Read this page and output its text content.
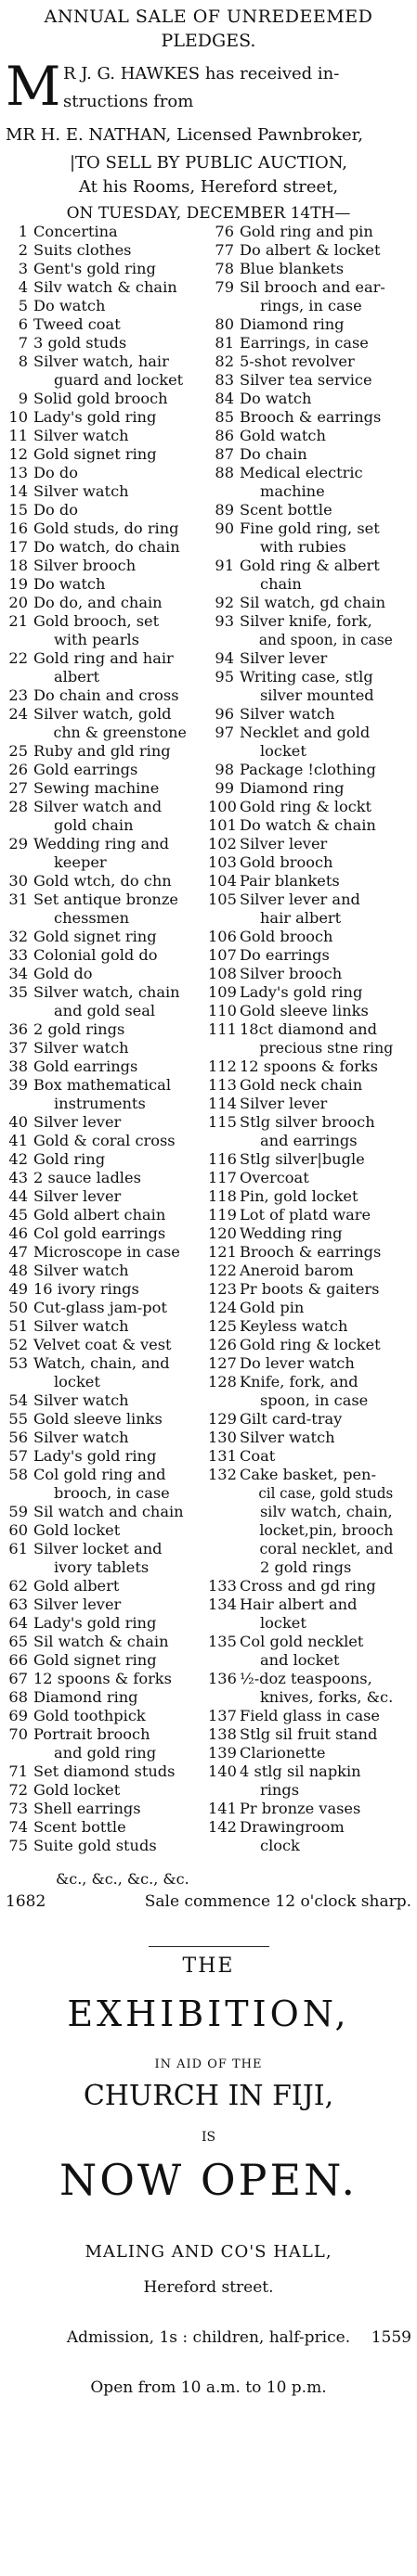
ANNUAL SALE OF UNREDEEMED
PLEDGES.
M R J. G. HAWKES has received in-
structions from
MR H. E. NATHAN, Licensed Pawnbroker,
|TO SELL BY PUBLIC AUCTION,
At his Rooms, Hereford street,
ON TUESDAY, DECEMBER 14TH—
1 Concertina
2 Suits clothes
3 Gent's gold ring
4 Silv watch & chain
5 Do watch
6 Tweed coat
7 3 gold studs
8 Silver watch, hair
guard and locket
9 Solid gold brooch
10 Lady's gold ring
11 Silver watch
12 Gold signet ring
13 Do do
14 Silver watch
15 Do do
16 Gold studs, do ring
17 Do watch, do chain
18 Silver brooch
19 Do watch
20 Do do, and chain
21 Gold brooch, set
with pearls
22 Gold ring and hair
albert
23 Do chain and cross
24 Silver watch, gold
chn & greenstone
25 Ruby and gld ring
26 Gold earrings
27 Sewing machine
28 Silver watch and
gold chain
29 Wedding ring and
keeper
30 Gold wtch, do chn
31 Set antique bronze
chessmen
32 Gold signet ring
33 Colonial gold do
34 Gold do
35 Silver watch, chain
and gold seal
36 2 gold rings
37 Silver watch
38 Gold earrings
39 Box mathematical
instruments
40 Silver lever
41 Gold & coral cross
42 Gold ring
43 2 sauce ladles
44 Silver lever
45 Gold albert chain
46 Col gold earrings
47 Microscope in case
48 Silver watch
49 16 ivory rings
50 Cut-glass jam-pot
51 Silver watch
52 Velvet coat & vest
53 Watch, chain, and
locket
54 Silver watch
55 Gold sleeve links
56 Silver watch
57 Lady's gold ring
58 Col gold ring and
brooch, in case
59 Sil watch and chain
60 Gold locket
61 Silver locket and
ivory tablets
62 Gold albert
63 Silver lever
64 Lady's gold ring
65 Sil watch & chain
66 Gold signet ring
67 12 spoons & forks
68 Diamond ring
69 Gold toothpick
70 Portrait brooch
and gold ring
71 Set diamond studs
72 Gold locket
73 Shell earrings
74 Scent bottle
75 Suite gold studs
76 Gold ring and pin
77 Do albert & locket
78 Blue blankets
79 Sil brooch and ear-
rings, in case
80 Diamond ring
81 Earrings, in case
82 5-shot revolver
83 Silver tea service
84 Do watch
85 Brooch & earrings
86 Gold watch
87 Do chain
88 Medical electric
machine
89 Scent bottle
90 Fine gold ring, set
with rubies
91 Gold ring & albert
chain
92 Sil watch, gd chain
93 Silver knife, fork,
and spoon, in case
94 Silver lever
95 Writing case, stlg
silver mounted
96 Silver watch
97 Necklet and gold
locket
98 Package !clothing
99 Diamond ring
100 Gold ring & lockt
101 Do watch & chain
102 Silver lever
103 Gold brooch
104 Pair blankets
105 Silver lever and
hair albert
106 Gold brooch
107 Do earrings
108 Silver brooch
109 Lady's gold ring
110 Gold sleeve links
111 18ct diamond and
precious stne ring
112 12 spoons & forks
113 Gold neck chain
114 Silver lever
115 Stlg silver brooch
and earrings
116 Stlg silver|bugle
117 Overcoat
118 Pin, gold locket
119 Lot of platd ware
120 Wedding ring
121 Brooch & earrings
122 Aneroid barom
123 Pr boots & gaiters
124 Gold pin
125 Keyless watch
126 Gold ring & locket
127 Do lever watch
128 Knife, fork, and
spoon, in case
129 Gilt card-tray
130 Silver watch
131 Coat
132 Cake basket, pen-
cil case, gold studs
silv watch, chain,
locket,pin, brooch
coral necklet, and
2 gold rings
133 Cross and gd ring
134 Hair albert and
locket
135 Col gold necklet
and locket
136 ½-doz teaspoons,
knives, forks, &c.
137 Field glass in case
138 Stlg sil fruit stand
139 Clarionette
140 4 stlg sil napkin
rings
141 Pr bronze vases
142 Drawingroom
clock
&c., &c., &c., &c.
1682	Sale commence 12 o'clock sharp.
THE
EXHIBITION,
IN AID OF THE
CHURCH IN FIJI,
IS
NOW OPEN.
MALING AND CO'S HALL,
Hereford street.
Admission, 1s : children, half-price. 1559
Open from 10 a.m. to 10 p.m.
